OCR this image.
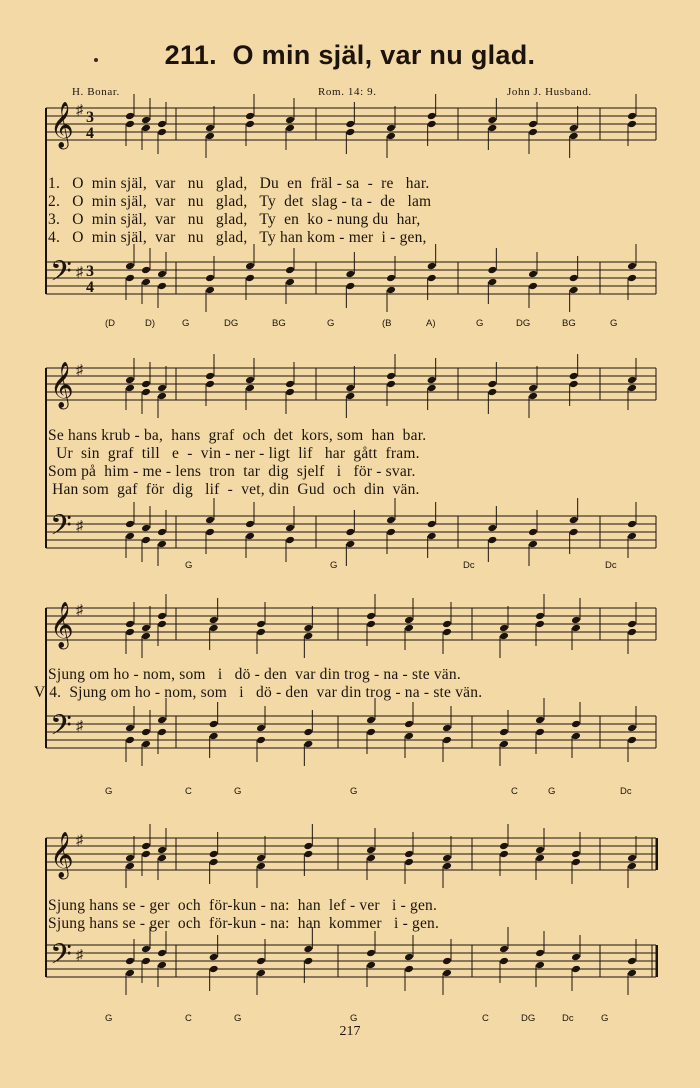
211. O min själ, var nu glad.
H. Bonar.	Rom. 14: 9.	John J. Husband.
𝄞
𝄢
♯
♯
3
4
3
4
𝄞
𝄢
♯
♯
𝄞
𝄢
♯
♯
𝄞
𝄢
♯
♯
1.   O  min själ,  var   nu   glad,   Du  en  fräl - sa  -  re   har.
2.   O  min själ,  var   nu   glad,   Ty  det  slag - ta -  de   lam
3.   O  min själ,  var   nu   glad,   Ty  en  ko - nung du  har,
4.   O  min själ,  var   nu   glad,   Ty han kom - mer  i - gen,
(D	D)	G	DG	BG	G	(B	A)	G	DG	BG	G
Se hans krub - ba,  hans  graf  och  det  kors, som  han  bar.
Ur  sin  graf  till   e  -  vin - ner - ligt  lif   har  gått  fram.
Som på  him - me - lens  tron  tar  dig  sjelf   i   för - svar.
Han som  gaf  för  dig   lif  -  vet, din  Gud  och  din  vän.
G	G	Dc	Dc
Sjung om ho - nom, som   i   dö - den  var din trog - na - ste vän.
V 4.  Sjung om ho - nom, som   i   dö - den  var din trog - na - ste vän.
G	C	G	G	C	G	Dc
Sjung hans se - ger  och  för-kun - na:  han  lef - ver   i - gen.
Sjung hans se - ger  och  för-kun - na:  han  kommer   i - gen.
G	C	G	G	C	DG	Dc	G
217
